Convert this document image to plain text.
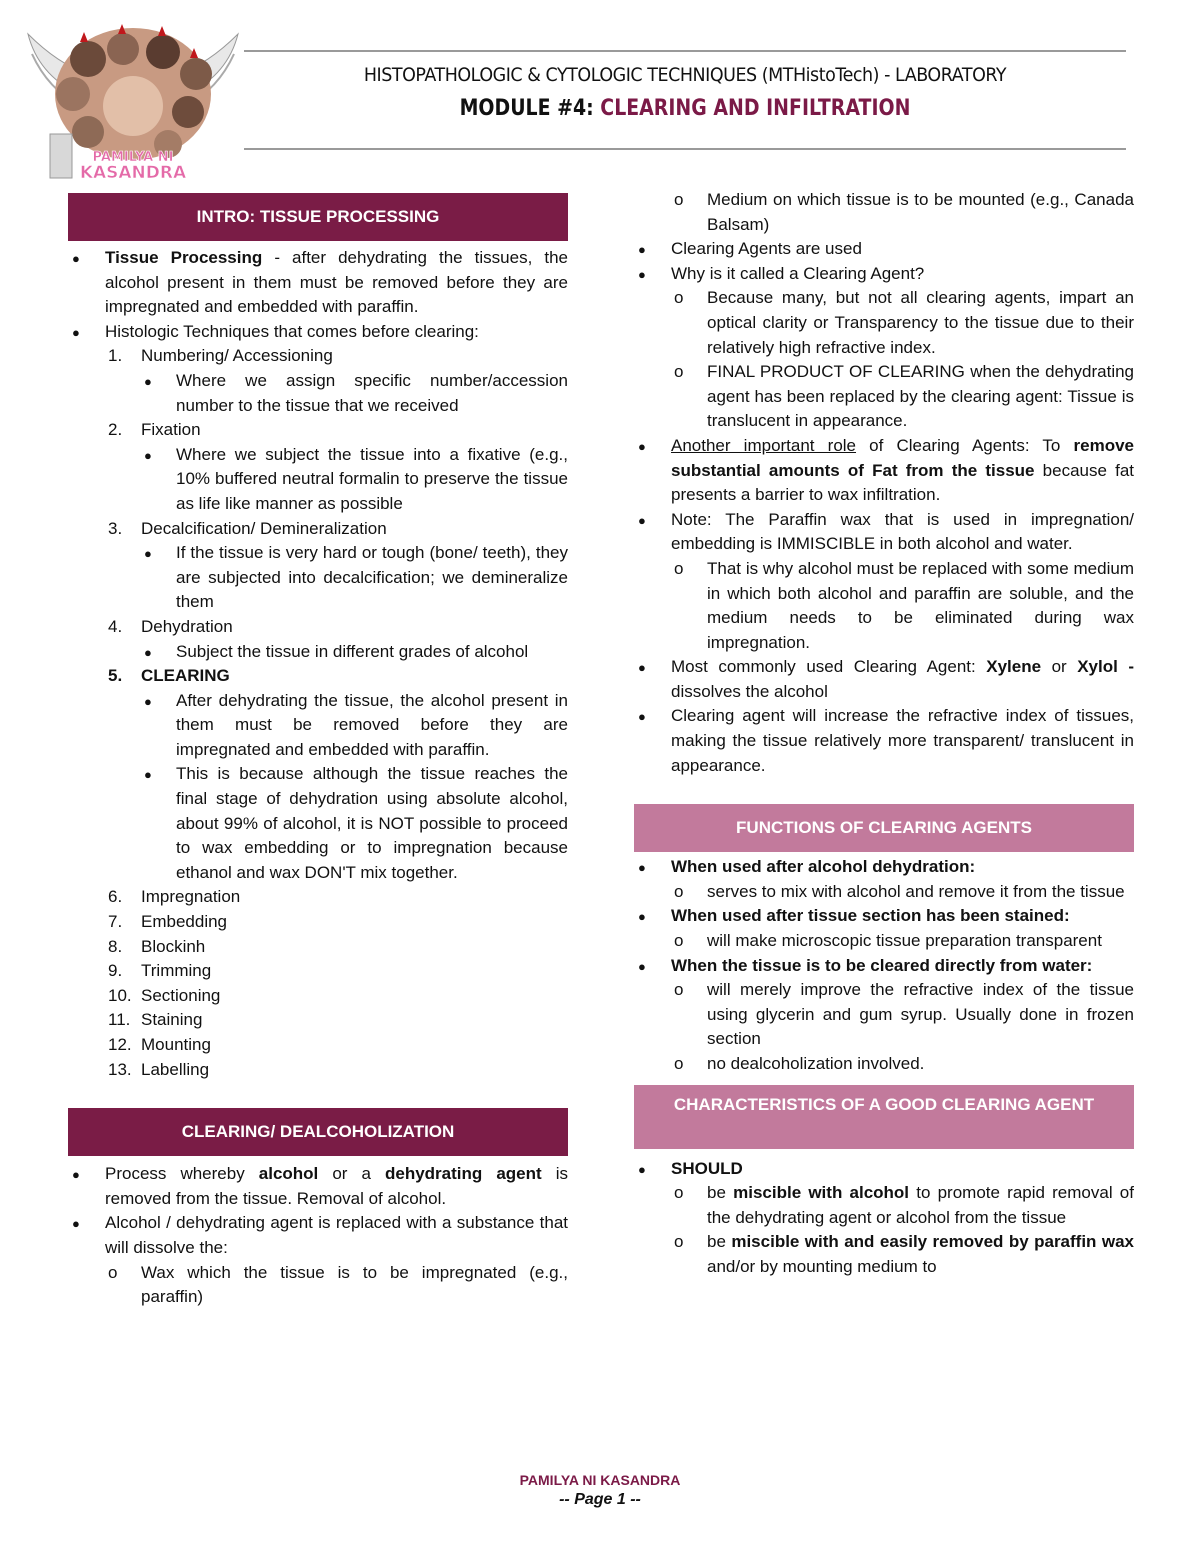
PAMILYA NI
KASANDRA
HISTOPATHOLOGIC & CYTOLOGIC TECHNIQUES (MTHistoTech) - LABORATORY
MODULE #4: CLEARING AND INFILTRATION
INTRO: TISSUE PROCESSING
●
Tissue Processing - after dehydrating the tissues, the alcohol present in them must be removed before they are impregnated and embedded with paraffin.
●
Histologic Techniques that comes before clearing:
1. Numbering/ Accessioning
●
Where we assign specific number/accession number to the tissue that we received
2. Fixation
●
Where we subject the tissue into a fixative (e.g., 10% buffered neutral formalin to preserve the tissue as life like manner as possible
3. Decalcification/ Demineralization
●
If the tissue is very hard or tough (bone/ teeth), they are subjected into decalcification; we demineralize them
4. Dehydration
●
Subject the tissue in different grades of alcohol
5. CLEARING
●
After dehydrating the tissue, the alcohol present in them must be removed before they are impregnated and embedded with paraffin.
●
This is because although the tissue reaches the final stage of dehydration using absolute alcohol, about 99% of alcohol, it is NOT possible to proceed to wax embedding or to impregnation because ethanol and wax DON'T mix together.
6. Impregnation
7. Embedding
8. Blockinh
9. Trimming
10. Sectioning
11. Staining
12. Mounting
13. Labelling
CLEARING/ DEALCOHOLIZATION
●
Process whereby alcohol or a dehydrating agent is removed from the tissue. Removal of alcohol.
●
Alcohol / dehydrating agent is replaced with a substance that will dissolve the:
o
Wax which the tissue is to be impregnated (e.g., paraffin)
o
Medium on which tissue is to be mounted (e.g., Canada Balsam)
●
Clearing Agents are used
●
Why is it called a Clearing Agent?
o
Because many, but not all clearing agents, impart an optical clarity or Transparency to the tissue due to their relatively high refractive index.
o
FINAL PRODUCT OF CLEARING when the dehydrating agent has been replaced by the clearing agent: Tissue is translucent in appearance.
●
Another important role of Clearing Agents: To remove substantial amounts of Fat from the tissue because fat presents a barrier to wax infiltration.
●
Note: The Paraffin wax that is used in impregnation/ embedding is IMMISCIBLE in both alcohol and water.
o
That is why alcohol must be replaced with some medium in which both alcohol and paraffin are soluble, and the medium needs to be eliminated during wax impregnation.
●
Most commonly used Clearing Agent: Xylene or Xylol - dissolves the alcohol
●
Clearing agent will increase the refractive index of tissues, making the tissue relatively more transparent/ translucent in appearance.
FUNCTIONS OF CLEARING AGENTS
●
When used after alcohol dehydration:
o
serves to mix with alcohol and remove it from the tissue
●
When used after tissue section has been stained:
o
will make microscopic tissue preparation transparent
●
When the tissue is to be cleared directly from water:
o
will merely improve the refractive index of the tissue using glycerin and gum syrup. Usually done in frozen section
o
no dealcoholization involved.
CHARACTERISTICS OF A GOOD CLEARING AGENT
●
SHOULD
o
be miscible with alcohol to promote rapid removal of the dehydrating agent or alcohol from the tissue
o
be miscible with and easily removed by paraffin wax and/or by mounting medium to
PAMILYA NI KASANDRA
-- Page 1 --
